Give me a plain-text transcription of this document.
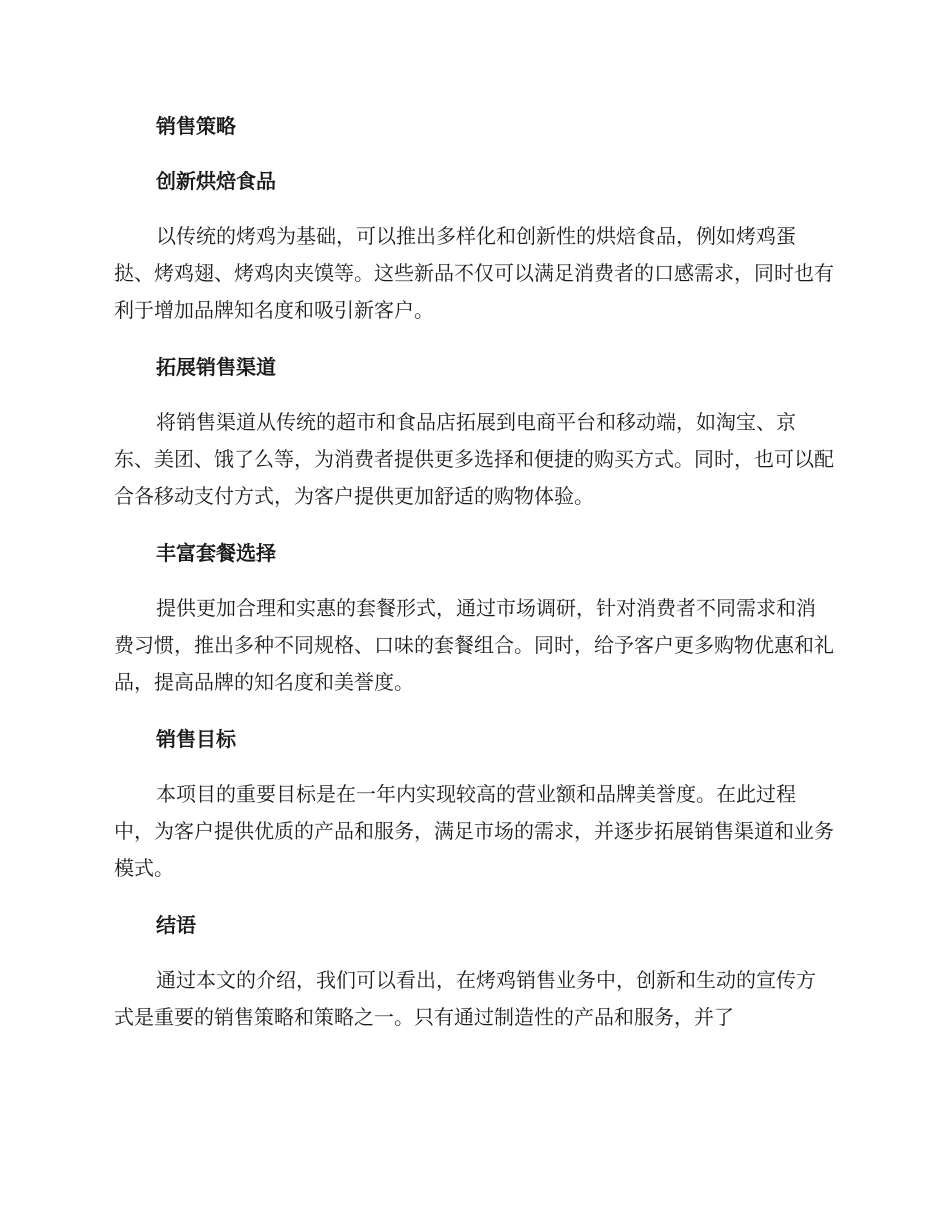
销售策略
创新烘焙食品

以传统的烤鸡为基础，可以推出多样化和创新性的烘焙食品，例如烤鸡蛋挞、烤鸡翅、烤鸡肉夹馍等。这些新品不仅可以满足消费者的口感需求，同时也有利于增加品牌知名度和吸引新客户。

拓展销售渠道

将销售渠道从传统的超市和食品店拓展到电商平台和移动端，如淘宝、京东、美团、饿了么等，为消费者提供更多选择和便捷的购买方式。同时，也可以配合各移动支付方式，为客户提供更加舒适的购物体验。

丰富套餐选择

提供更加合理和实惠的套餐形式，通过市场调研，针对消费者不同需求和消费习惯，推出多种不同规格、口味的套餐组合。同时，给予客户更多购物优惠和礼品，提高品牌的知名度和美誉度。

销售目标

本项目的重要目标是在一年内实现较高的营业额和品牌美誉度。在此过程中，为客户提供优质的产品和服务，满足市场的需求，并逐步拓展销售渠道和业务模式。

结语

通过本文的介绍，我们可以看出，在烤鸡销售业务中，创新和生动的宣传方式是重要的销售策略和策略之一。只有通过制造性的产品和服务，并了
